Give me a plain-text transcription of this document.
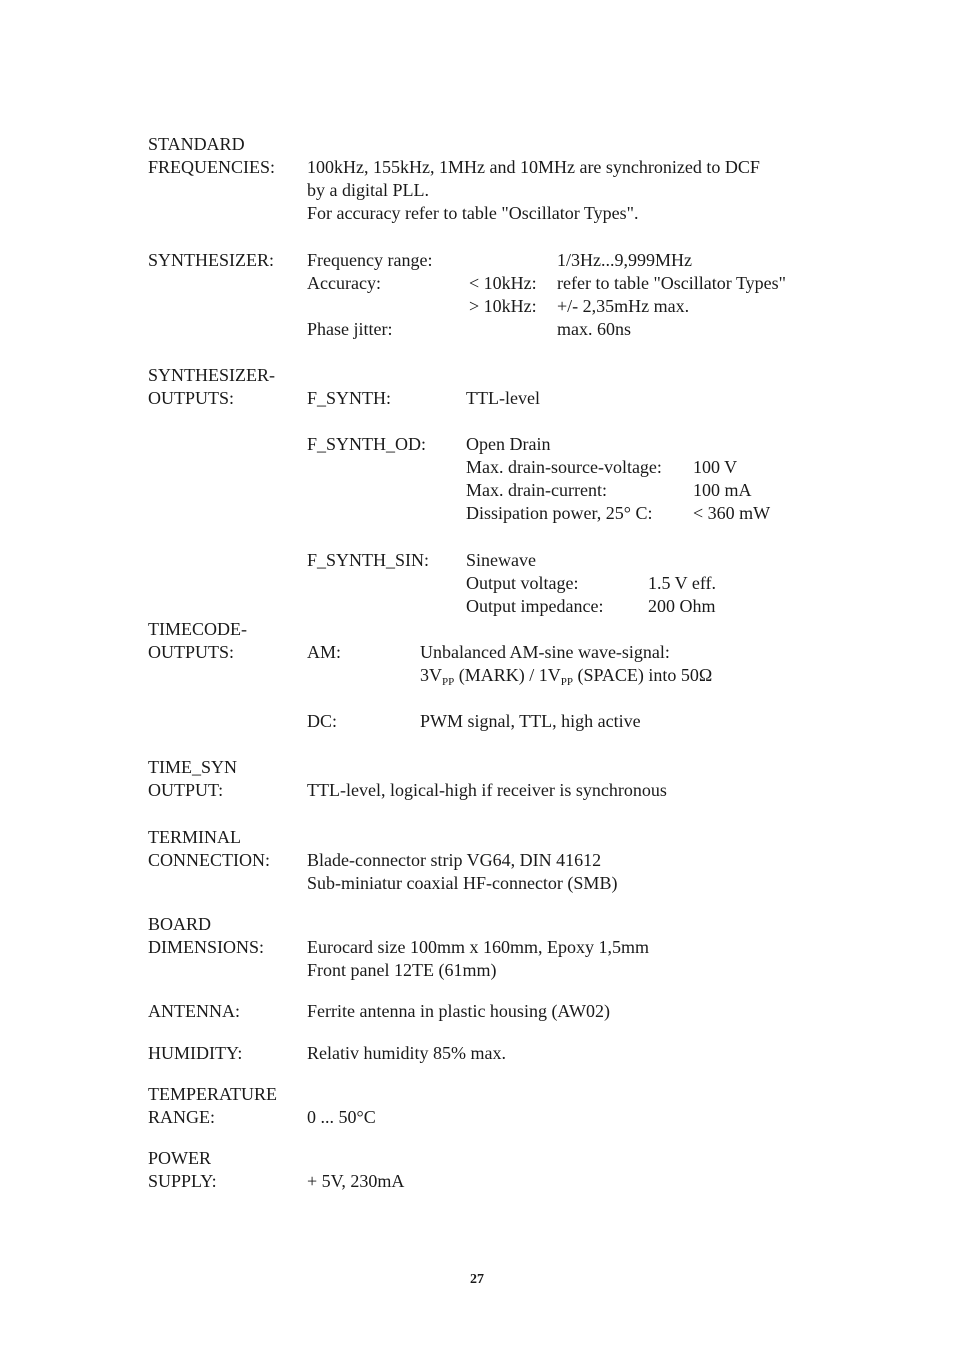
STANDARD
FREQUENCIES: 100kHz, 155kHz, 1MHz and 10MHz are synchronized to DCF
by a digital PLL.
For accuracy refer to table "Oscillator Types".
SYNTHESIZER: Frequency range:	1/3Hz...9,999MHz
Accuracy:	< 10kHz: refer to table "Oscillator Types"
> 10kHz: +/- 2,35mHz max.
Phase jitter:	max. 60ns
SYNTHESIZER-
OUTPUTS:	F_SYNTH:	TTL-level
F_SYNTH_OD: Open Drain
Max. drain-source-voltage: 100 V
Max. drain-current:	100 mA
Dissipation power, 25° C: < 360 mW
F_SYNTH_SIN: Sinewave
Output voltage:	1.5 V eff.
Output impedance: 200 Ohm
TIMECODE-
OUTPUTS:	AM:	Unbalanced AM-sine wave-signal:
$3V_{PP}$ (MARK) / $1V_{PP}$ (SPACE) into 50Ω
DC:	PWM signal, TTL, high active
TIME_SYN
OUTPUT:	TTL-level, logical-high if receiver is synchronous
TERMINAL
CONNECTION: Blade-connector strip VG64, DIN 41612
Sub-miniatur coaxial HF-connector (SMB)
BOARD
DIMENSIONS: Eurocard size 100mm x 160mm, Epoxy 1,5mm
Front panel 12TE (61mm)
ANTENNA:	Ferrite antenna in plastic housing (AW02)
HUMIDITY:	Relativ humidity 85% max.
TEMPERATURE
RANGE:	0 ... 50°C
POWER
SUPPLY:	+ 5V, 230mA
27
